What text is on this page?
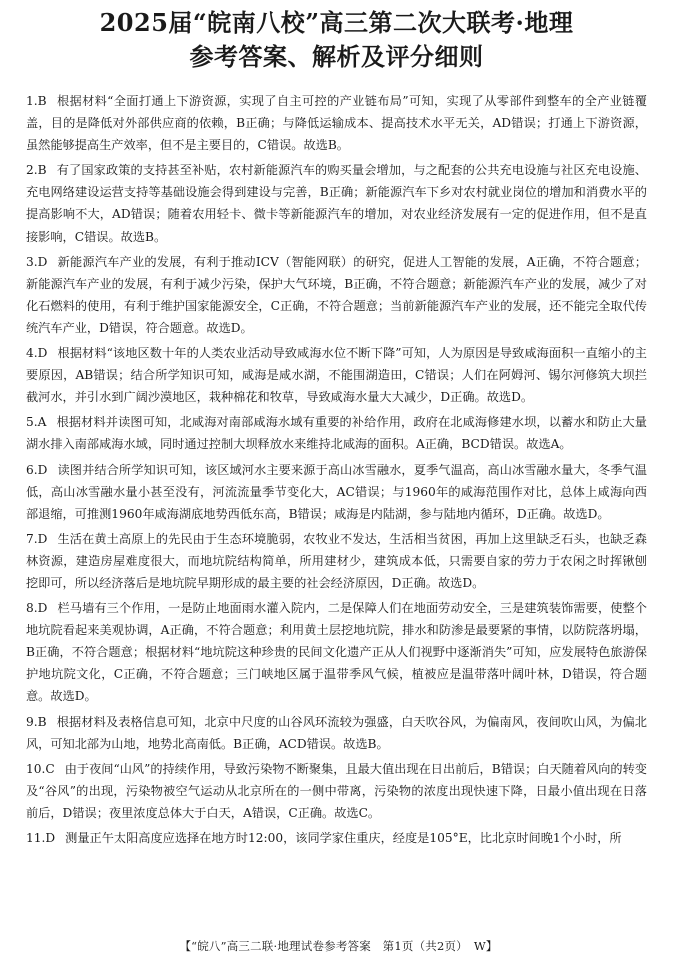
2025届“皖南八校”高三第二次大联考·地理
参考答案、解析及评分细则

1.B 根据材料“全面打通上下游资源，实现了自主可控的产业链布局”可知，实现了从零部件到整车的全产业链覆盖，目的是降低对外部供应商的依赖，B正确；与降低运输成本、提高技术水平无关，AD错误；打通上下游资源，虽然能够提高生产效率，但不是主要目的，C错误。故选B。

2.B 有了国家政策的支持甚至补贴，农村新能源汽车的购买量会增加，与之配套的公共充电设施与社区充电设施、充电网络建设运营支持等基础设施会得到建设与完善，B正确；新能源汽车下乡对农村就业岗位的增加和消费水平的提高影响不大，AD错误；随着农用轻卡、微卡等新能源汽车的增加，对农业经济发展有一定的促进作用，但不是直接影响，C错误。故选B。

3.D 新能源汽车产业的发展，有利于推动ICV（智能网联）的研究，促进人工智能的发展，A正确，不符合题意；新能源汽车产业的发展，有利于减少污染，保护大气环境，B正确，不符合题意；新能源汽车产业的发展，减少了对化石燃料的使用，有利于维护国家能源安全，C正确，不符合题意；当前新能源汽车产业的发展，还不能完全取代传统汽车产业，D错误，符合题意。故选D。

4.D 根据材料“该地区数十年的人类农业活动导致咸海水位不断下降”可知，人为原因是导致咸海面积一直缩小的主要原因，AB错误；结合所学知识可知，咸海是咸水湖，不能围湖造田，C错误；人们在阿姆河、锡尔河修筑大坝拦截河水，并引水到广阔沙漠地区，栽种棉花和牧草，导致咸海水量大大减少，D正确。故选D。

5.A 根据材料并读图可知，北咸海对南部咸海水域有重要的补给作用，政府在北咸海修建水坝，以蓄水和防止大量湖水排入南部咸海水域，同时通过控制大坝释放水来维持北咸海的面积。A正确，BCD错误。故选A。

6.D 读图并结合所学知识可知，该区域河水主要来源于高山冰雪融水，夏季气温高，高山冰雪融水量大，冬季气温低，高山冰雪融水量小甚至没有，河流流量季节变化大，AC错误；与1960年的咸海范围作对比，总体上咸海向西部退缩，可推测1960年咸海湖底地势西低东高，B错误；咸海是内陆湖，参与陆地内循环，D正确。故选D。

7.D 生活在黄土高原上的先民由于生态环境脆弱，农牧业不发达，生活相当贫困，再加上这里缺乏石头，也缺乏森林资源，建造房屋难度很大，而地坑院结构简单，所用建材少，建筑成本低，只需要自家的劳力于农闲之时挥锹刨挖即可，所以经济落后是地坑院早期形成的最主要的社会经济原因，D正确。故选D。

8.D 栏马墙有三个作用，一是防止地面雨水灌入院内，二是保障人们在地面劳动安全，三是建筑装饰需要，使整个地坑院看起来美观协调，A正确，不符合题意；利用黄土层挖地坑院，排水和防渗是最要紧的事情，以防院落坍塌，B正确，不符合题意；根据材料“地坑院这种珍贵的民间文化遗产正从人们视野中逐渐消失”可知，应发展特色旅游保护地坑院文化，C正确，不符合题意；三门峡地区属于温带季风气候，植被应是温带落叶阔叶林，D错误，符合题意。故选D。

9.B 根据材料及表格信息可知，北京中尺度的山谷风环流较为强盛，白天吹谷风，为偏南风，夜间吹山风，为偏北风，可知北部为山地，地势北高南低。B正确，ACD错误。故选B。

10.C 由于夜间“山风”的持续作用，导致污染物不断聚集，且最大值出现在日出前后，B错误；白天随着风向的转变及“谷风”的出现，污染物被空气运动从北京所在的一侧中带离，污染物的浓度出现快速下降，日最小值出现在日落前后，D错误；夜里浓度总体大于白天，A错误，C正确。故选C。

11.D 测量正午太阳高度应选择在地方时12:00，该同学家住重庆，经度是105°E，比北京时间晚1个小时，所

【“皖八”高三二联·地理试卷参考答案　第1页（共2页）　W】
